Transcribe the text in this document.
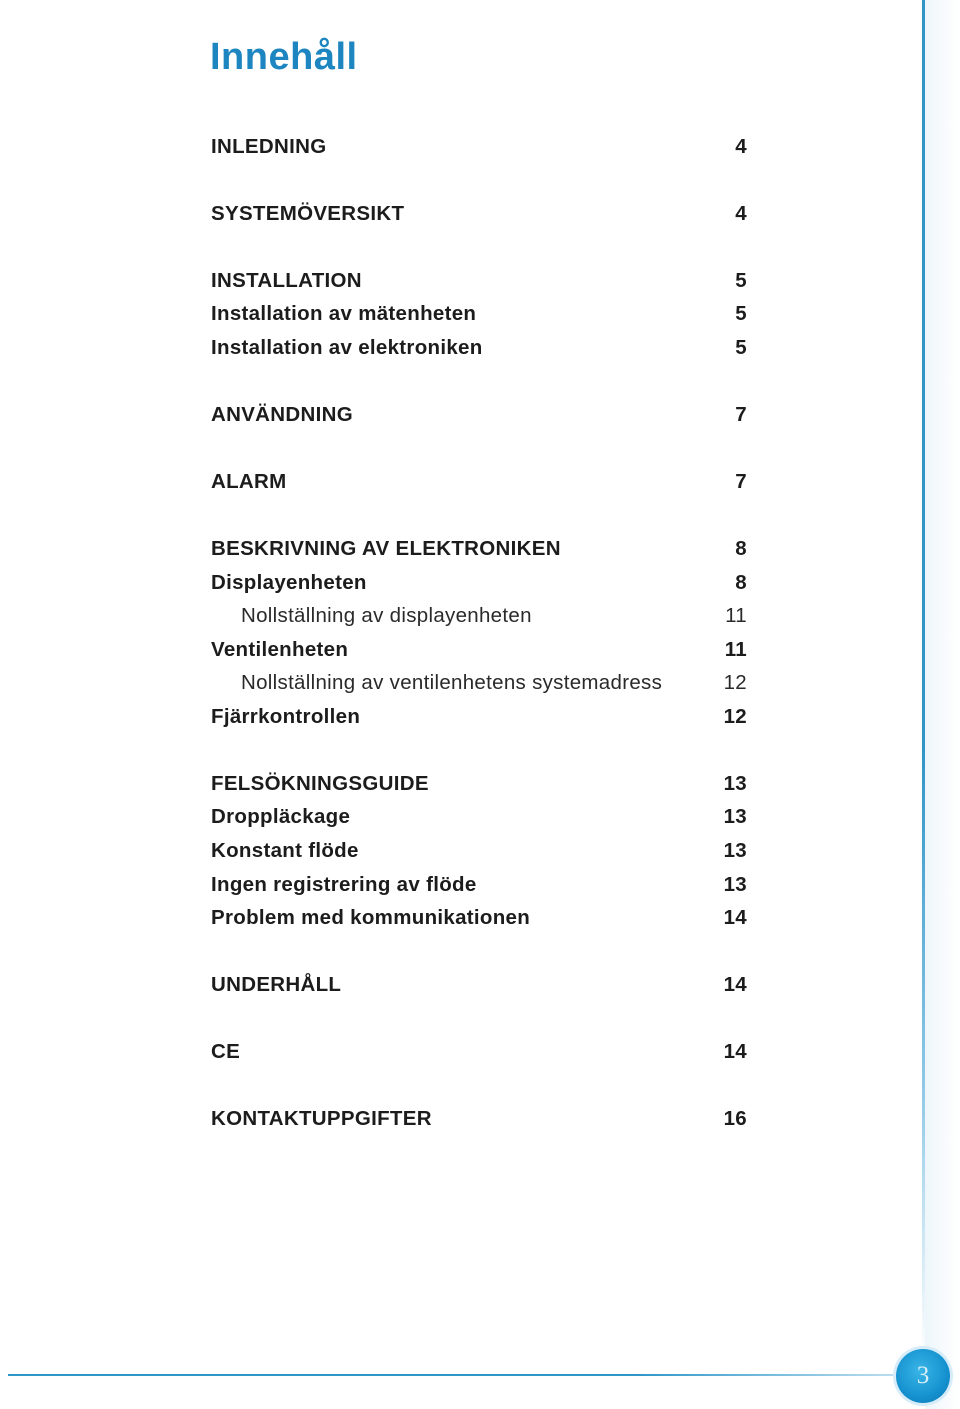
3
Innehåll
INLEDNING	4
SYSTEMÖVERSIKT	4
INSTALLATION	5
Installation av mätenheten	5
Installation av elektroniken	5
ANVÄNDNING	7
ALARM	7
BESKRIVNING AV ELEKTRONIKEN	8
Displayenheten	8
Nollställning av displayenheten	11
Ventilenheten	11
Nollställning av ventilenhetens systemadress	12
Fjärrkontrollen	12
FELSÖKNINGSGUIDE	13
Droppläckage	13
Konstant flöde	13
Ingen registrering av flöde	13
Problem med kommunikationen	14
UNDERHÅLL	14
CE	14
KONTAKTUPPGIFTER	16
